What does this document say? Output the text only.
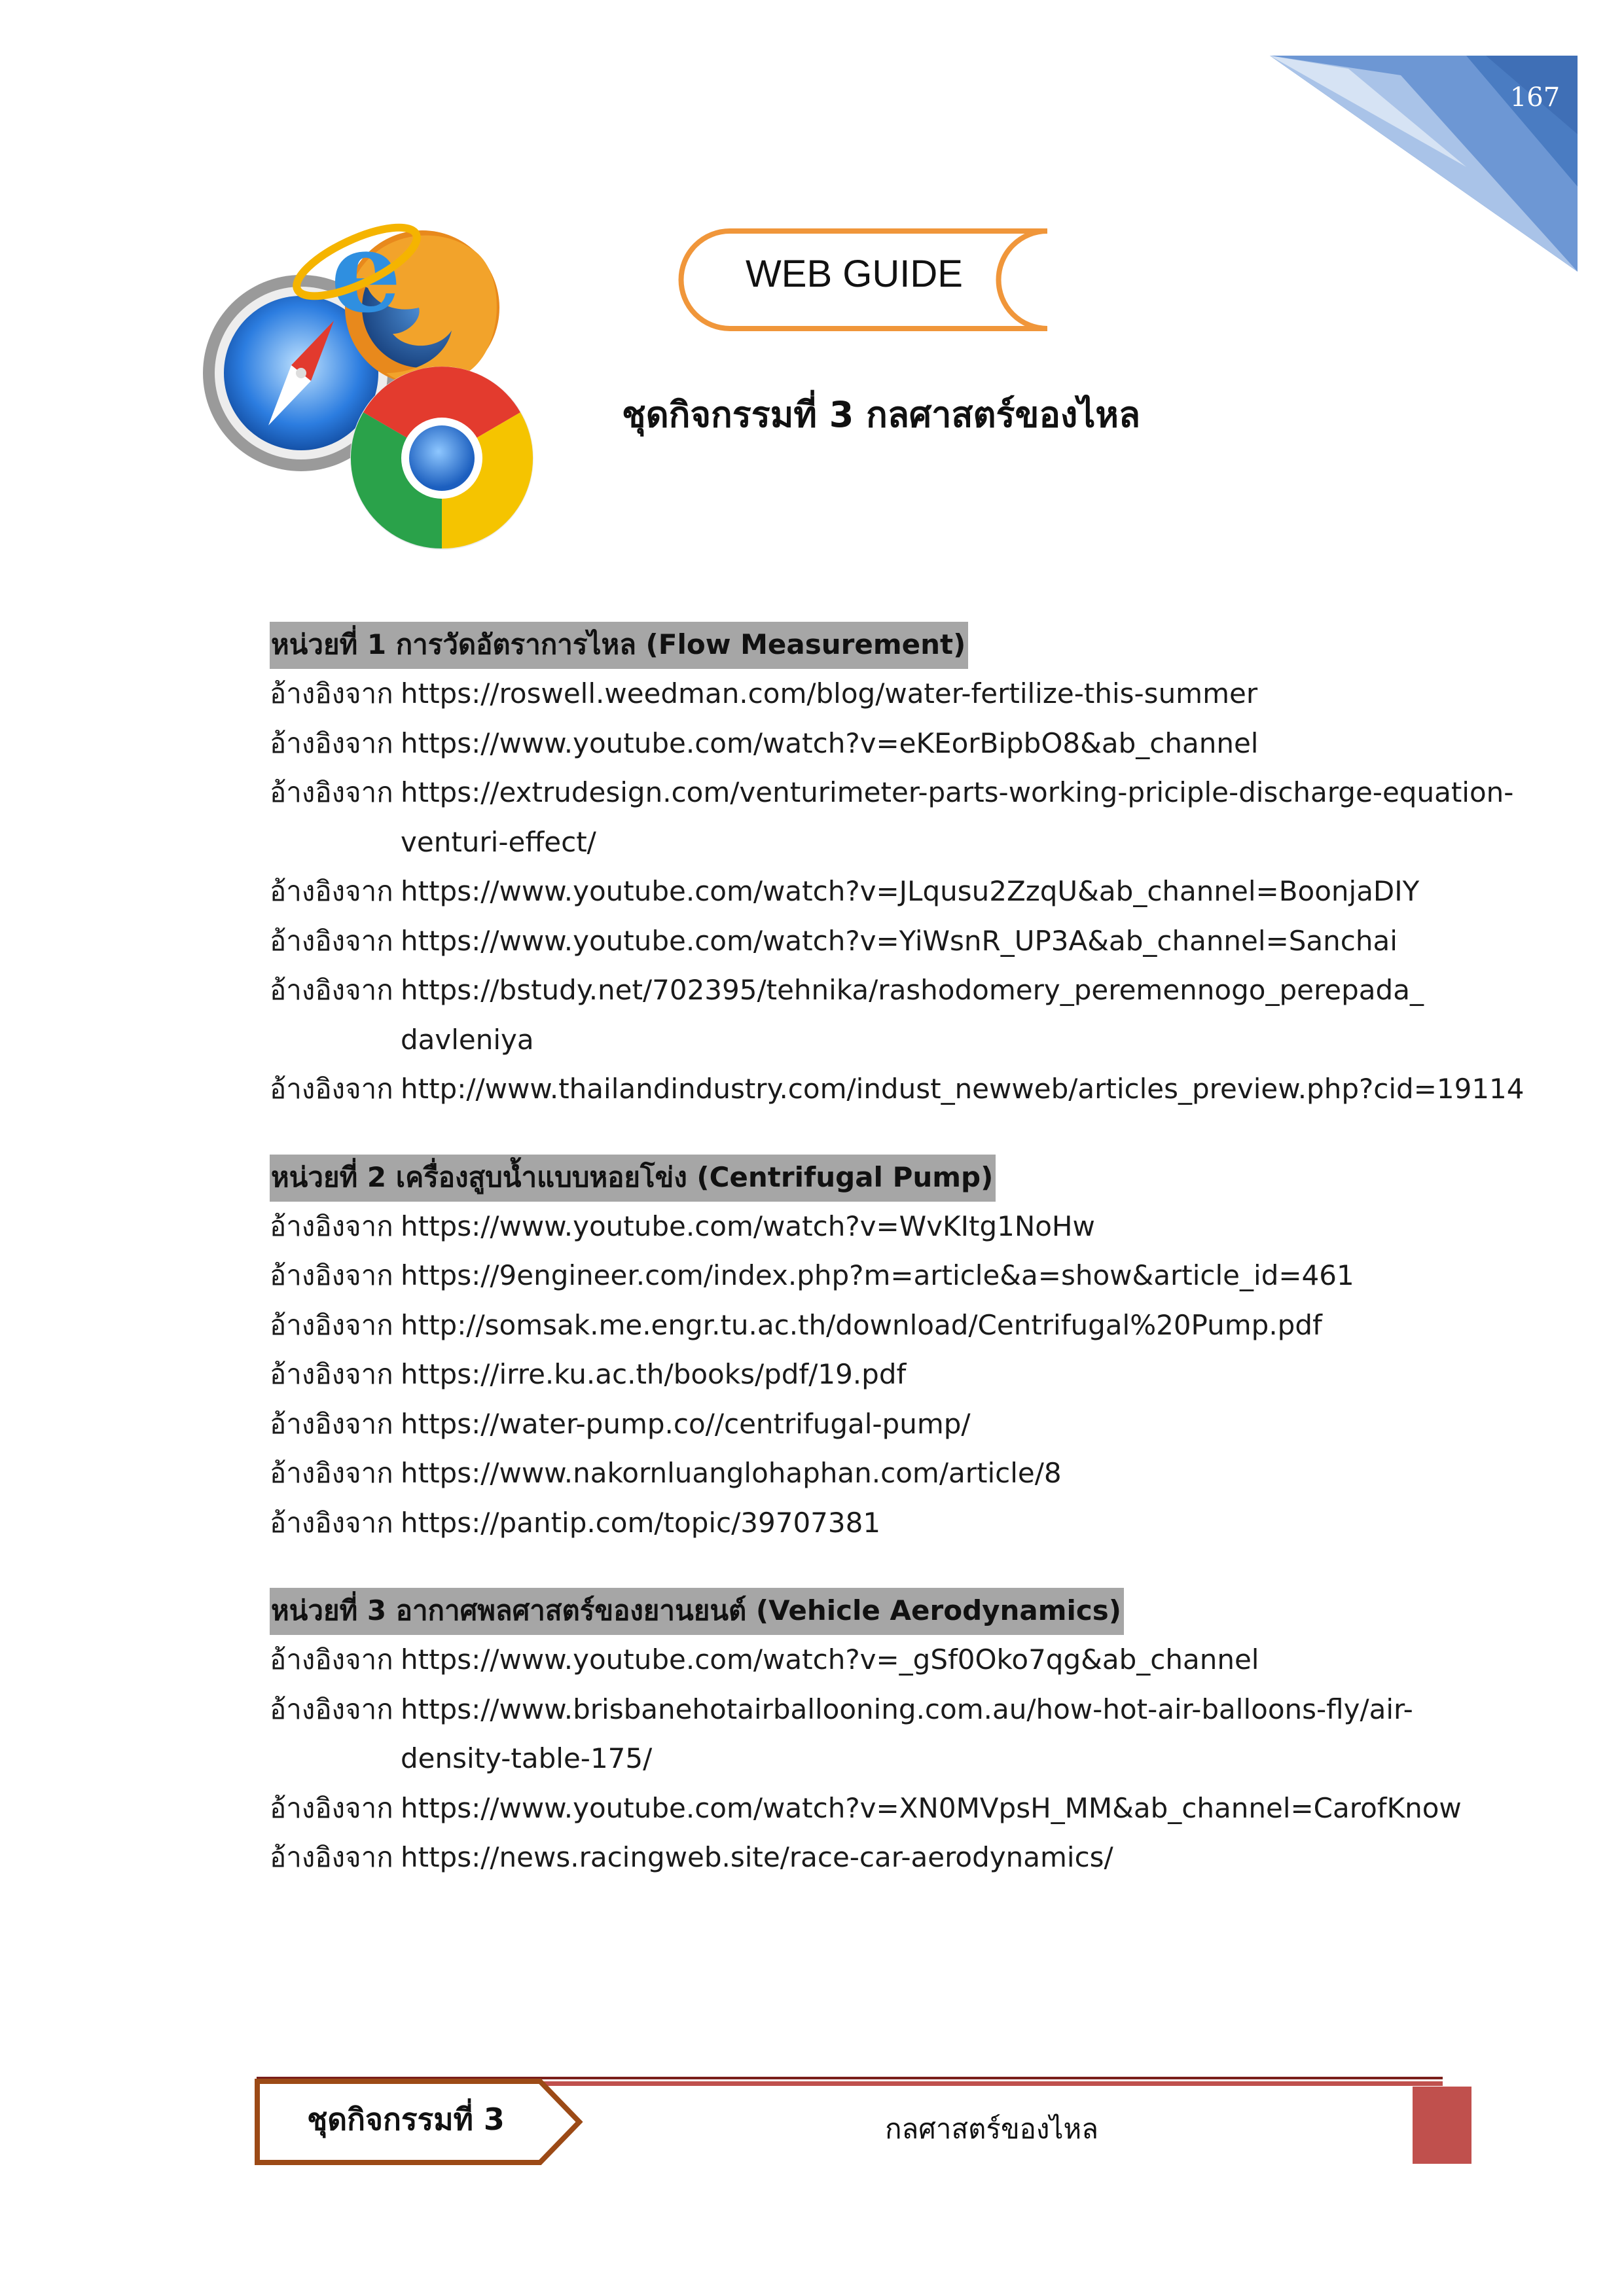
167
e	WEB GUIDE
ชุดกิจกรรมที่ 3 กลศาสตร์ของไหล
หน่วยที่ 1 การวัดอัตราการไหล (Flow Measurement)
อ้างอิงจาก https://roswell.weedman.com/blog/water-fertilize-this-summer
อ้างอิงจาก https://www.youtube.com/watch?v=eKEorBipbO8&ab_channel
อ้างอิงจาก https://extrudesign.com/venturimeter-parts-working-priciple-discharge-equation-
venturi-effect/
อ้างอิงจาก https://www.youtube.com/watch?v=JLqusu2ZzqU&ab_channel=BoonjaDIY
อ้างอิงจาก https://www.youtube.com/watch?v=YiWsnR_UP3A&ab_channel=Sanchai
อ้างอิงจาก https://bstudy.net/702395/tehnika/rashodomery_peremennogo_perepada_
davleniya
อ้างอิงจาก http://www.thailandindustry.com/indust_newweb/articles_preview.php?cid=19114
หน่วยที่ 2 เครื่องสูบน้ำแบบหอยโข่ง (Centrifugal Pump)
อ้างอิงจาก https://www.youtube.com/watch?v=WvKItg1NoHw
อ้างอิงจาก https://9engineer.com/index.php?m=article&a=show&article_id=461
อ้างอิงจาก http://somsak.me.engr.tu.ac.th/download/Centrifugal%20Pump.pdf
อ้างอิงจาก https://irre.ku.ac.th/books/pdf/19.pdf
อ้างอิงจาก https://water-pump.co//centrifugal-pump/
อ้างอิงจาก https://www.nakornluanglohaphan.com/article/8
อ้างอิงจาก https://pantip.com/topic/39707381
หน่วยที่ 3 อากาศพลศาสตร์ของยานยนต์ (Vehicle Aerodynamics)
อ้างอิงจาก https://www.youtube.com/watch?v=_gSf0Oko7qg&ab_channel
อ้างอิงจาก https://www.brisbanehotairballooning.com.au/how-hot-air-balloons-fly/air-
density-table-175/
อ้างอิงจาก https://www.youtube.com/watch?v=XN0MVpsH_MM&ab_channel=CarofKnow
อ้างอิงจาก https://news.racingweb.site/race-car-aerodynamics/
ชุดกิจกรรมที่ 3	กลศาสตร์ของไหล
